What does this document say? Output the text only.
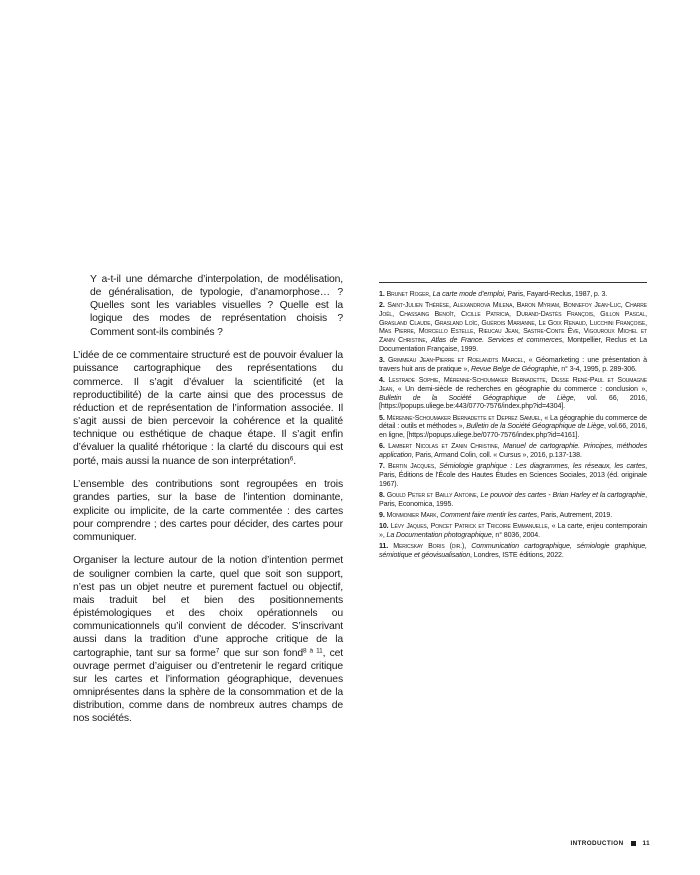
Y a-t-il une démarche d’interpolation, de modélisation, de généralisation, de typologie, d’anamorphose… ? Quelles sont les variables visuelles ? Quelle est la logique des modes de représentation choisis ? Comment sont-ils combinés ?

L’idée de ce commentaire structuré est de pouvoir évaluer la puissance cartographique des représentations du commerce. Il s’agit d’évaluer la scientificité (et la reproductibilité) de la carte ainsi que des processus de réduction et de représentation de l’information associée. Il s’agit aussi de bien percevoir la cohérence et la qualité technique ou esthétique de chaque étape. Il s’agit enfin d’évaluer la qualité rhétorique : la clarté du discours qui est porté, mais aussi la nuance de son interprétation$^6$.

L’ensemble des contributions sont regroupées en trois grandes parties, sur la base de l’intention dominante, explicite ou implicite, de la carte commentée : des cartes pour comprendre ; des cartes pour décider, des cartes pour communiquer.

Organiser la lecture autour de la notion d’intention permet de souligner combien la carte, quel que soit son support, n’est pas un objet neutre et purement factuel ou objectif, mais traduit bel et bien des positionnements épistémologiques et des choix opérationnels ou communicationnels qu’il convient de décoder. S’inscrivant aussi dans la tradition d’une approche critique de la cartographie, tant sur sa forme$^7$ que sur son fond$^{8 à 11}$, cet ouvrage permet d’aiguiser ou d’entretenir le regard critique sur les cartes et l’information géographique, devenues omniprésentes dans la sphère de la consommation et de la distribution, comme dans de nombreux autres champs de nos sociétés.

1. Brunet Roger, La carte mode d’emploi, Paris, Fayard-Reclus, 1987, p. 3.
2. Saint-Julien Thérèse, Alexandrova Milena, Baron Myriam, Bonnefoy Jean-Luc, Charre Joël, Chassaing Benoît, Cicille Patricia, Durand-Dastès François, Gillon Pascal, Grasland Claude, Grasland Loïc, Guérois Marianne, Le Goix Renaud, Lucchini Françoise, Mas Pierre, Morcello Estelle, Rieucau Jean, Sastre-Conte Ève, Vigouroux Michel et Zanin Christine, Atlas de France. Services et commerces, Montpellier, Reclus et La Documentation Française, 1999.
3. Grimmeau Jean-Pierre et Roelandts Marcel, « Géomarketing : une présentation à travers huit ans de pratique », Revue Belge de Géographie, n° 3-4, 1995, p. 289-306.
4. Lestrade Sophie, Mérenne-Schoumaker Bernadette, Desse René-Paul et Soumagne Jean, « Un demi-siècle de recherches en géographie du commerce : conclusion », Bulletin de la Société Géographique de Liège, vol. 66, 2016, [https://popups.uliege.be:443/0770-7576/index.php?id=4304].
5. Mérenne-Schoumaker Bernadette et Deprez Samuel, « La géographie du commerce de détail : outils et méthodes », Bulletin de la Société Géographique de Liège, vol.66, 2016, en ligne, [https://popups.uliege.be/0770-7576/index.php?id=4161].
6. Lambert Nicolas et Zanin Christine, Manuel de cartographie. Principes, méthodes application, Paris, Armand Colin, coll. « Cursus », 2016, p.137-138.
7. Bertin Jacques, Sémiologie graphique : Les diagrammes, les réseaux, les cartes, Paris, Éditions de l’École des Hautes Études en Sciences Sociales, 2013 (éd. originale 1967).
8. Gould Peter et Bailly Antoine, Le pouvoir des cartes - Brian Harley et la cartographie, Paris, Economica, 1995.
9. Monmonier Mark, Comment faire mentir les cartes, Paris, Autrement, 2019.
10. Lévy Jaques, Poncet Patrick et Tricoire Emmanuelle, « La carte, enjeu contemporain », La Documentation photographique, n° 8036, 2004.
11. Mericskay Boris (dir.), Communication cartographique, sémiologie graphique, sémiotique et géovisualisation, Londres, ISTE éditions, 2022.
INTRODUCTION	11
